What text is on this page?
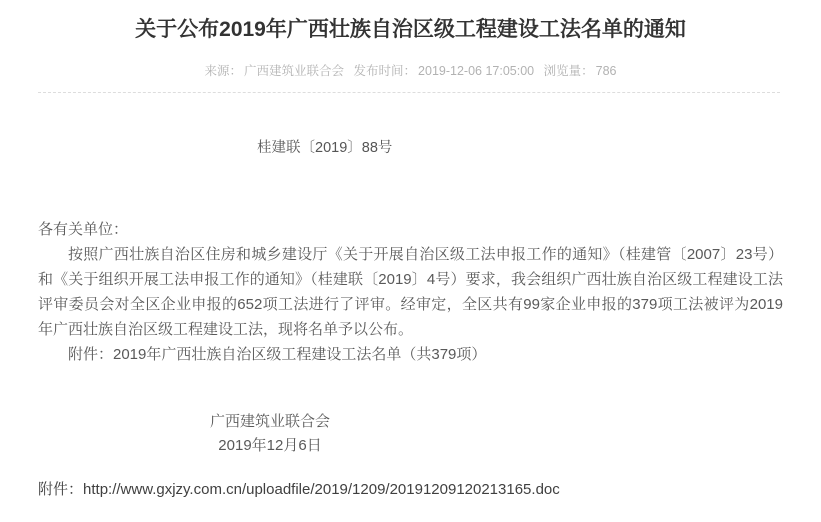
关于公布2019年广西壮族自治区级工程建设工法名单的通知
来源： 广西建筑业联合会 发布时间： 2019-12-06 17:05:00 浏览量： 786
桂建联〔2019〕88号

各有关单位：

按照广西壮族自治区住房和城乡建设厅《关于开展自治区级工法申报工作的通知》（桂建管〔2007〕23号）和《关于组织开展工法申报工作的通知》（桂建联〔2019〕4号）要求，我会组织广西壮族自治区级工程建设工法评审委员会对全区企业申报的652项工法进行了评审。经审定，全区共有99家企业申报的379项工法被评为2019年广西壮族自治区级工程建设工法，现将名单予以公布。

附件：2019年广西壮族自治区级工程建设工法名单（共379项）

广西建筑业联合会
2019年12月6日
附件：http://www.gxjzy.com.cn/uploadfile/2019/1209/20191209120213165.doc
